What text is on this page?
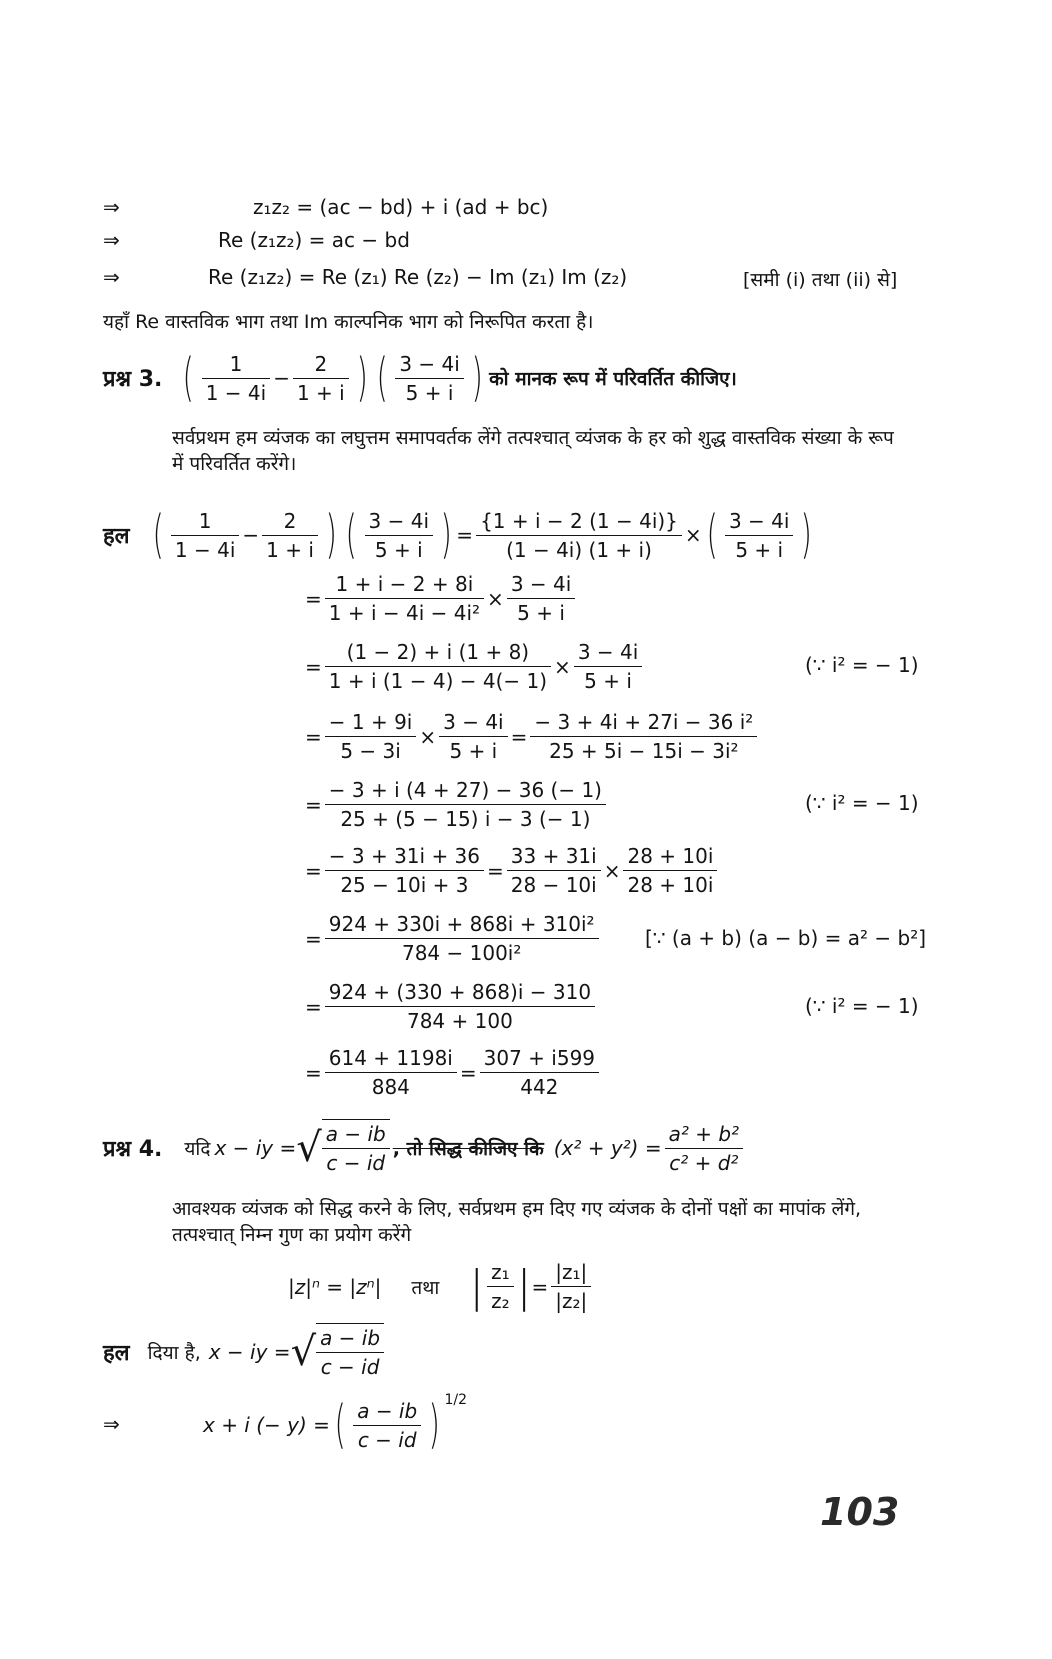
⇒	z₁z₂ = (ac − bd) + i (ad + bc)
⇒	Re (z₁z₂) = ac − bd
⇒	Re (z₁z₂) = Re (z₁) Re (z₂) − Im (z₁) Im (z₂)	[समी (i) तथा (ii) से]
यहाँ Re वास्तविक भाग तथा Im काल्पनिक भाग को निरूपित करता है।
प्रश्न 3. ( $\frac{1}{1 - 4i} - \frac{2}{1 + i}$ ) ( $\frac{3 - 4i}{5 + i}$ ) को मानक रूप में परिवर्तित कीजिए।
सर्वप्रथम हम व्यंजक का लघुत्तम समापवर्तक लेंगे तत्पश्चात् व्यंजक के हर को शुद्ध वास्तविक संख्या के रूप में परिवर्तित करेंगे।
हल ( $\frac{1}{1 - 4i} - \frac{2}{1 + i}$ ) ( $\frac{3 - 4i}{5 + i}$ ) = $\frac{\{1 + i - 2 (1 - 4i)\}}{(1 - 4i) (1 + i)}$ × ( $\frac{3 - 4i}{5 + i}$ )
= $\frac{1 + i - 2 + 8i}{\text{1 + i − 4i − 4i²}} \times \frac{3 - 4i}{5 + i}$
= $\frac{(1 - 2) + i (1 + 8)}{1 + i (1 - 4) - 4(- 1)} \times \frac{3 - 4i}{5 + i}$	(∵ i² = − 1)
= $\frac{- 1 + 9i}{5 - 3i} \times \frac{3 - 4i}{5 + i} = \frac{\text{− 3 + 4i + 27i − 36 i²}}{\text{25 + 5i − 15i − 3i²}}$
= $\frac{- 3 + i (4 + 27) - 36 (- 1)}{25 + (5 - 15) i - 3 (- 1)}$	(∵ i² = − 1)
= $\frac{- 3 + 31i + 36}{25 - 10i + 3} = \frac{33 + 31i}{28 - 10i} \times \frac{28 + 10i}{28 + 10i}$
= $\frac{\text{924 + 330i + 868i + 310i²}}{\text{784 − 100i²}}$ [∵ (a + b) (a − b) = a² − b²]
= $\frac{924 + (330 + 868)i - 310}{784 + 100}$	(∵ i² = − 1)
= $\frac{614 + 1198i}{884} = \frac{307 + i599}{442}$
प्रश्न 4. यदि x − iy = √ $\frac{a - ib}{c - id}$ , तो सिद्ध कीजिए कि $(x^2 + y^2) = \frac{\text{a² + b²}}{\text{c² + d²}}$
आवश्यक व्यंजक को सिद्ध करने के लिए, सर्वप्रथम हम दिए गए व्यंजक के दोनों पक्षों का मापांक लेंगे, तत्पश्चात् निम्न गुण का प्रयोग करेंगे
|z|ⁿ = |zⁿ| तथा | $\frac{\text{z₁}}{\text{z₂}}$ | = $\frac{\text{|z₁|}}{\text{|z₂|}}$
हल दिया है, x − iy = √ $\frac{a - ib}{c - id}$
⇒	x + i (− y) = ( $\frac{a - ib}{c - id}$ ) 1/2
103
